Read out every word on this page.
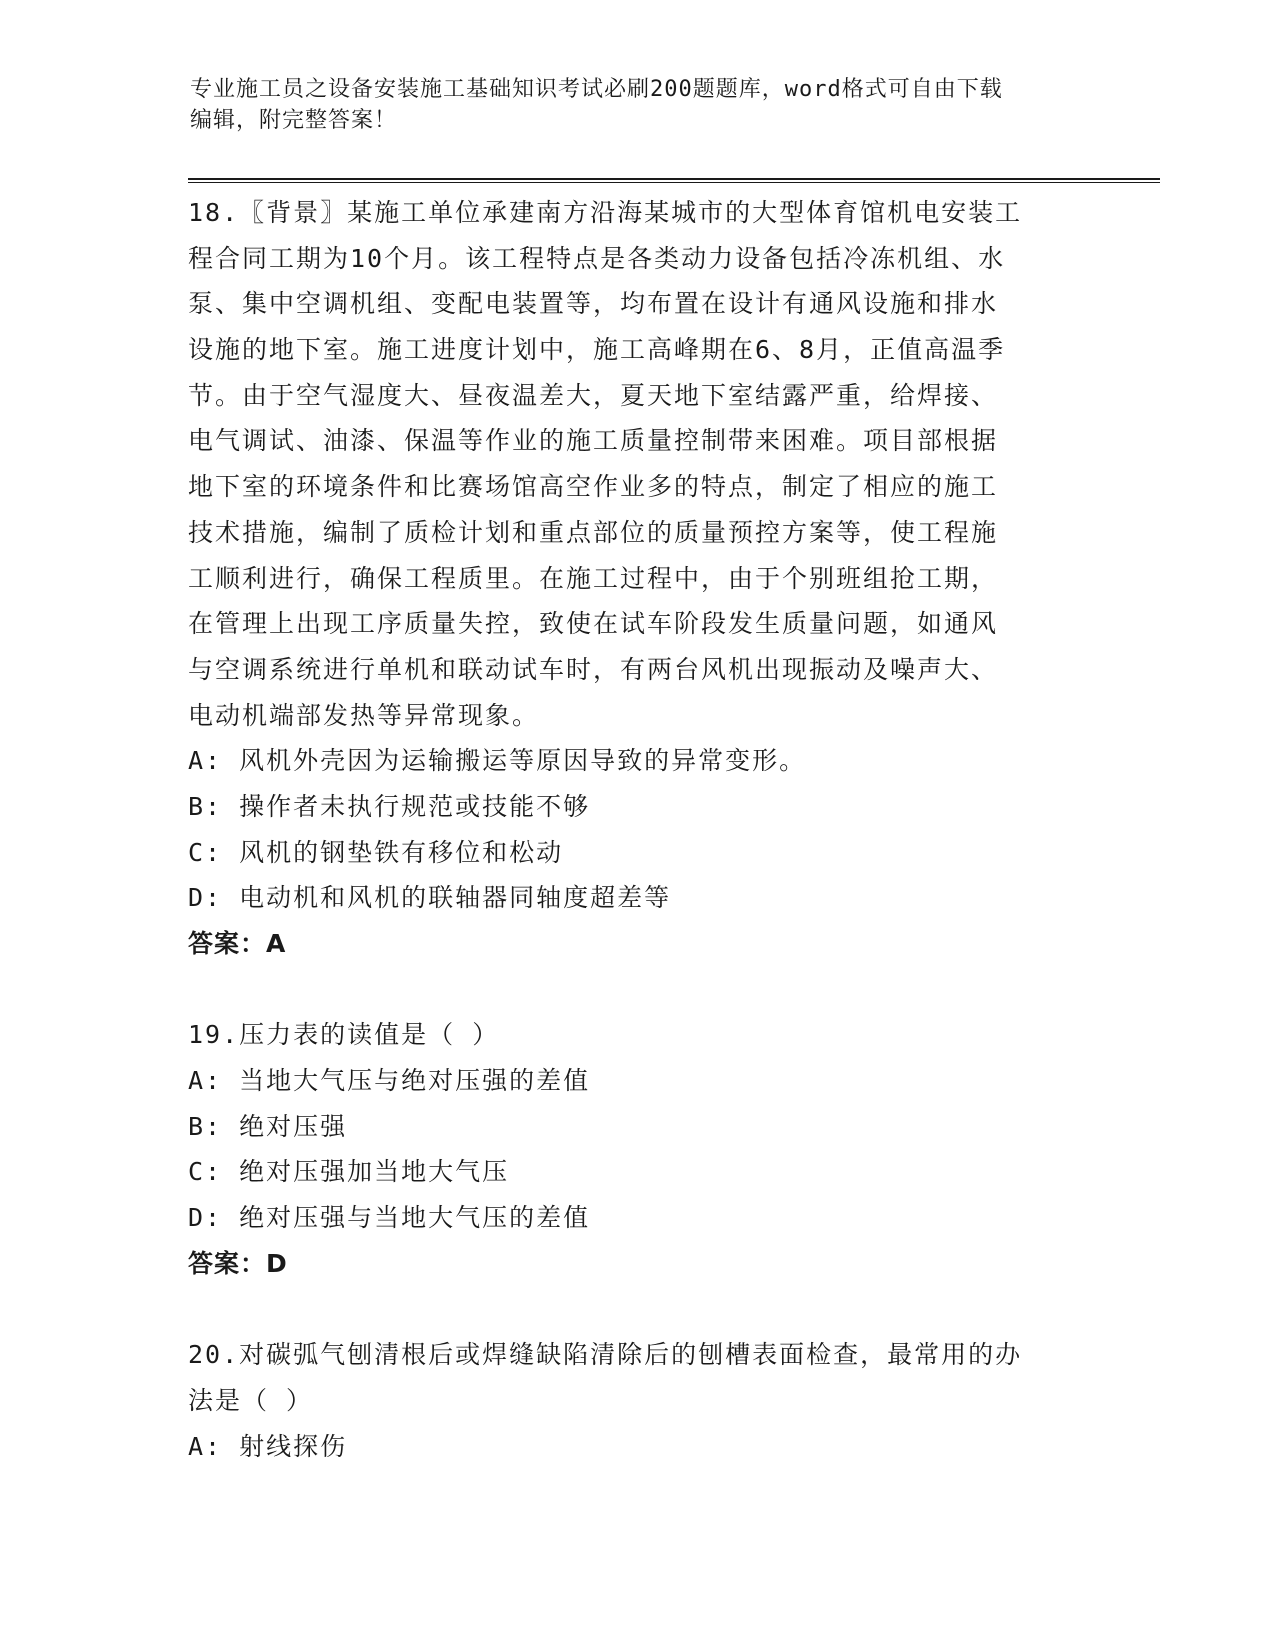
专业施工员之设备安装施工基础知识考试必刷200题题库，word格式可自由下载
编辑，附完整答案！
18.〖背景〗某施工单位承建南方沿海某城市的大型体育馆机电安装工
程合同工期为10个月。该工程特点是各类动力设备包括冷冻机组、水
泵、集中空调机组、变配电装置等，均布置在设计有通风设施和排水
设施的地下室。施工进度计划中，施工高峰期在6、8月，正值高温季
节。由于空气湿度大、昼夜温差大，夏天地下室结露严重，给焊接、
电气调试、油漆、保温等作业的施工质量控制带来困难。项目部根据
地下室的环境条件和比赛场馆高空作业多的特点，制定了相应的施工
技术措施，编制了质检计划和重点部位的质量预控方案等，使工程施
工顺利进行，确保工程质里。在施工过程中，由于个别班组抢工期，
在管理上出现工序质量失控，致使在试车阶段发生质量问题，如通风
与空调系统进行单机和联动试车时，有两台风机出现振动及噪声大、
电动机端部发热等异常现象。
A: 风机外壳因为运输搬运等原因导致的异常变形。
B: 操作者未执行规范或技能不够
C: 风机的钢垫铁有移位和松动
D: 电动机和风机的联轴器同轴度超差等
答案：A
19.压力表的读值是（ ）
A: 当地大气压与绝对压强的差值
B: 绝对压强
C: 绝对压强加当地大气压
D: 绝对压强与当地大气压的差值
答案：D
20.对碳弧气刨清根后或焊缝缺陷清除后的刨槽表面检查，最常用的办
法是（ ）
A: 射线探伤
